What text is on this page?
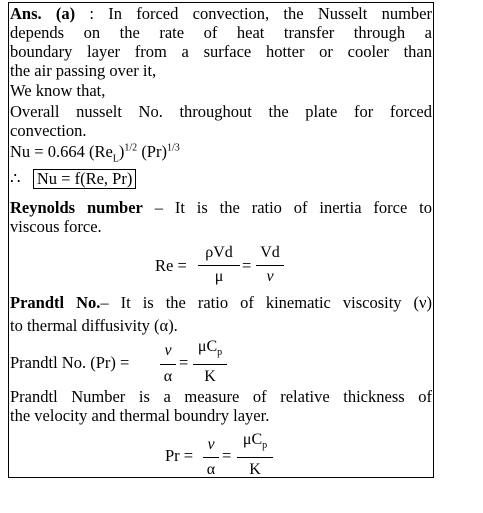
Ans. (a) : In forced convection, the Nusselt number
depends on the rate of heat transfer through a
boundary layer from a surface hotter or cooler than
the air passing over it,
We know that,
Overall nusselt No. throughout the plate for forced
convection.
Nu = 0.664 $(Re_L)^{1/2}$ $(Pr)^{1/3}$
∴ Nu = f(Re, Pr)
Reynolds number – It is the ratio of inertia force to
viscous force.
Re =
ρVd
μ
=
Vd
ν
Prandtl No.– It is the ratio of kinematic viscosity (ν)
to thermal diffusivity (α).
Prandtl No. (Pr) =
ν
α
=
$\mu C_p$
K
Prandtl Number is a measure of relative thickness of
the velocity and thermal boundry layer.
Pr =
ν
α
=
$\mu C_p$
K
